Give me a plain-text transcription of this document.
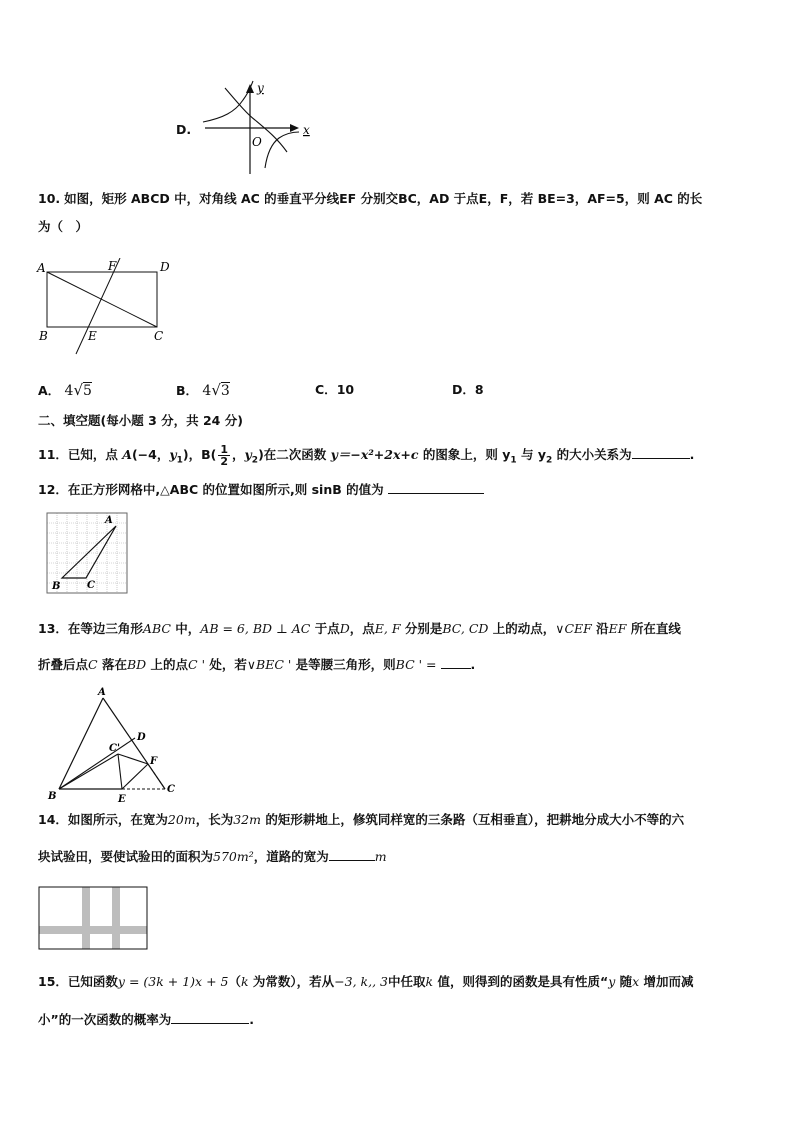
D.
y
x
O
10. 如图，矩形 ABCD 中，对角线 AC 的垂直平分线EF 分别交BC，AD 于点E，F，若 BE=3，AF=5，则 AC 的长
为（　）
A	F	D
B	E	C
A． 4√5	B． 4√3	C．10	D．8
二、填空题(每小题 3 分，共 24 分)
11．已知，点 A(−4，$y_1$)，$B( \frac{1}{2}$ ，$y_2$)在二次函数 y＝−x²+2x+c 的图象上，则 $y_1$ 与 $y_2$ 的大小关系为	.
12．在正方形网格中,△ABC 的位置如图所示,则 sinB 的值为
A
B	C
13．在等边三角形ABC 中，AB = 6, BD ⊥ AC 于点D，点E, F 分别是BC, CD 上的动点，∨CEF 沿EF 所在直线
折叠后点C 落在BD 上的点C ' 处，若∨BEC ' 是等腰三角形，则BC ' =	.
A
B
D
C'
F
C
E
14．如图所示，在宽为20m，长为32m 的矩形耕地上，修筑同样宽的三条路（互相垂直），把耕地分成大小不等的六
块试验田，要使试验田的面积为570m²，道路的宽为	m
15．已知函数y = (3k + 1)x + 5（k 为常数），若从−3, k,, 3中任取k 值，则得到的函数是具有性质“y 随x 增加而减
小”的一次函数的概率为	.
